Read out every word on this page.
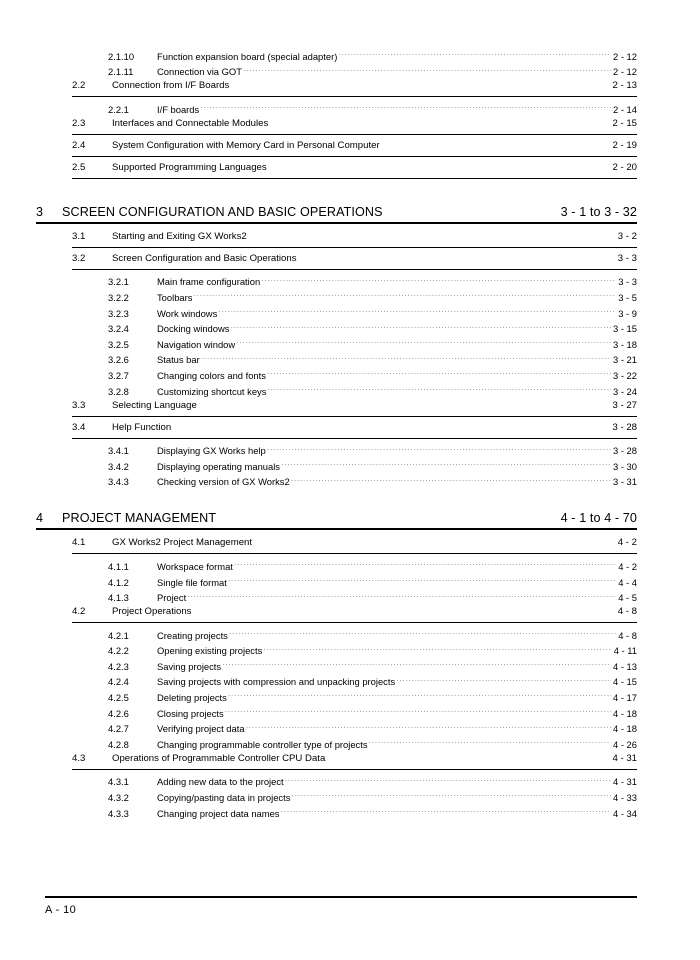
2.1.10	Function expansion board (special adapter) .....	2 - 12
2.1.11	Connection via GOT .....	2 - 12
2.2	Connection from I/F Boards	2 - 13
2.2.1	I/F boards .....	2 - 14
2.3	Interfaces and Connectable Modules	2 - 15
2.4	System Configuration with Memory Card in Personal Computer	2 - 19
2.5	Supported Programming Languages	2 - 20
3	SCREEN CONFIGURATION AND BASIC OPERATIONS	3 - 1 to 3 - 32
3.1	Starting and Exiting GX Works2	3 - 2
3.2	Screen Configuration and Basic Operations	3 - 3
3.2.1	Main frame configuration .....	3 - 3
3.2.2	Toolbars .....	3 - 5
3.2.3	Work windows .....	3 - 9
3.2.4	Docking windows .....	3 - 15
3.2.5	Navigation window .....	3 - 18
3.2.6	Status bar .....	3 - 21
3.2.7	Changing colors and fonts .....	3 - 22
3.2.8	Customizing shortcut keys .....	3 - 24
3.3	Selecting Language	3 - 27
3.4	Help Function	3 - 28
3.4.1	Displaying GX Works help .....	3 - 28
3.4.2	Displaying operating manuals .....	3 - 30
3.4.3	Checking version of GX Works2 .....	3 - 31
4	PROJECT MANAGEMENT	4 - 1 to 4 - 70
4.1	GX Works2 Project Management	4 - 2
4.1.1	Workspace format .....	4 - 2
4.1.2	Single file format .....	4 - 4
4.1.3	Project .....	4 - 5
4.2	Project Operations	4 - 8
4.2.1	Creating projects .....	4 - 8
4.2.2	Opening existing projects .....	4 - 11
4.2.3	Saving projects .....	4 - 13
4.2.4	Saving projects with compression and unpacking projects .....	4 - 15
4.2.5	Deleting projects .....	4 - 17
4.2.6	Closing projects .....	4 - 18
4.2.7	Verifying project data .....	4 - 18
4.2.8	Changing programmable controller type of projects .....	4 - 26
4.3	Operations of Programmable Controller CPU Data	4 - 31
4.3.1	Adding new data to the project .....	4 - 31
4.3.2	Copying/pasting data in projects .....	4 - 33
4.3.3	Changing project data names .....	4 - 34
A - 10
